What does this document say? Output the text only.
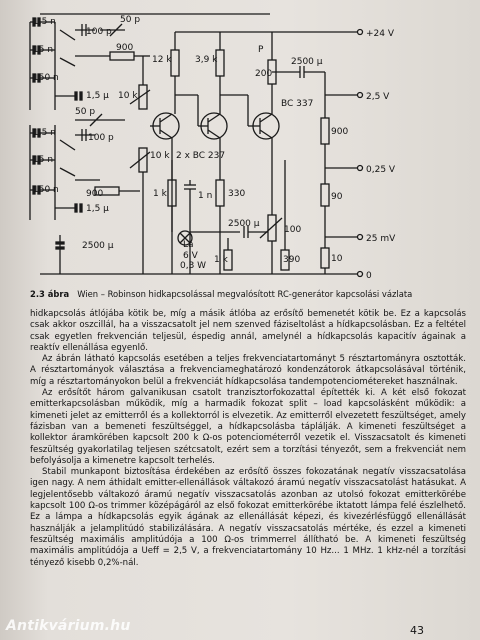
1,5 n
15 n
150 n
1,5 µ
100 p
50 p
900
1,5 n
15 n
150 n
1,5 µ
100 p
50 p
900
2500 µ
10 k
10 k
12 k	3,9 k
2 x BC 237
BC 337
1 k	1 n 330
P
200
2500 µ
2500 µ
100
1 k	390
La
6 V
0,3 W
+24 V
2,5 V
0,25 V
25 mV
0
900
90
10
2.3 ábra Wien – Robinson hidkapcsolással megvalósított RC-generátor kapcsolási vázlata

hidkapcsolás átlójába kötik be, míg a másik átlóba az erősítő bemenetét kötik be. Ez a kapcsolás csak akkor oszcillál, ha a visszacsatolt jel nem szenved fáziseltolást a hídkapcsolásban. Ez a feltétel csak egyetlen frekvencián teljesül, éspedig annál, amelynél a hídkapcsolás kapacitív ágainak a reaktív ellenállása egyenlő.

Az ábrán látható kapcsolás esetében a teljes frekvenciatartományt 5 résztartományra osztották. A résztartományok választása a frekvenciameghatározó kondenzátorok átkapcsolásával történik, míg a résztartományokon belül a frekvenciát hídkapcsolása tandempotenciométereket használnak.

Az erősítőt három galvanikusan csatolt tranzisztorfokozattal építették ki. A két első fokozat emitterkapcsolásban működik, míg a harmadik fokozat split – load kapcsolásként működik: a kimeneti jelet az emitterről és a kollektorról is elvezetik. Az emitterről elvezetett feszültséget, amely fázisban van a bemeneti feszültséggel, a hídkapcsolásba táplálják. A kimeneti feszültséget a kollektor áramkörében kapcsolt 200 k Ω-os potenciométerről vezetik el. Visszacsatolt és kimeneti feszültség gyakorlatilag teljesen szétcsatolt, ezért sem a torzítási tényezőt, sem a frekvenciát nem befolyásolja a kimenetre kapcsolt terhelés.

Stabil munkapont biztosítása érdekében az erősítő összes fokozatának negatív visszacsatolása igen nagy. A nem áthidalt emitter-ellenállások váltakozó áramú negatív visszacsatolást hatásukat. A legjelentősebb váltakozó áramú negatív visszacsatolás azonban az utolsó fokozat emitterkörébe kapcsolt 100 Ω-os trimmer középágáról az első fokozat emitterkörébe iktatott lámpa felé észlelhető. Ez a lámpa a hídkapcsolás egyik ágának az ellenállását képezi, és kivezérlésfüggő ellenállását használják a jelamplitúdó stabilizálására. A negatív visszacsatolás mértéke, és ezzel a kimeneti feszültség maximális amplitúdója a 100 Ω-os trimmerrel állítható be. A kimeneti feszültség maximális amplitúdója a Ueff = 2,5 V, a frekvenciatartomány 10 Hz... 1 MHz. 1 kHz-nél a torzítási tényező kisebb 0,2%-nál.

Antikvárium.hu	43
